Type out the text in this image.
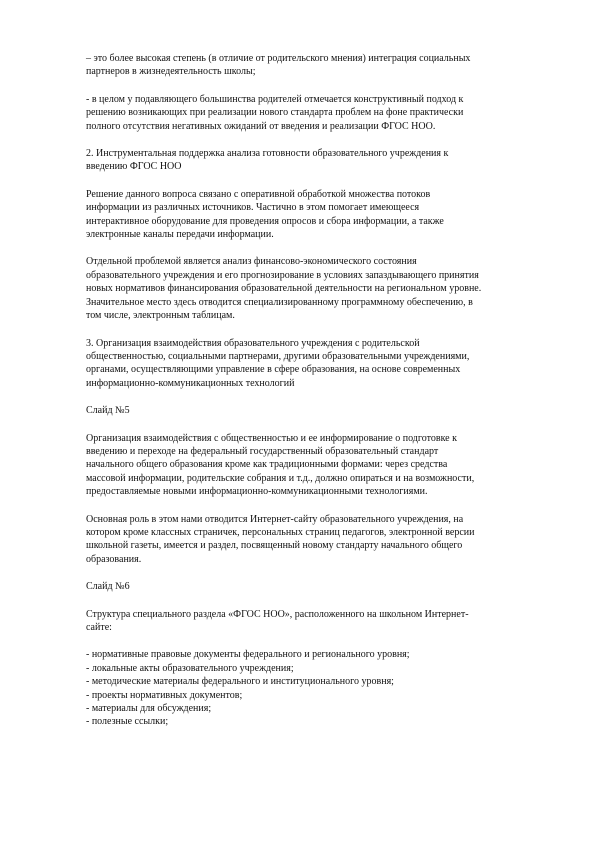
– это более высокая степень (в отличие от родительского мнения) интеграция социальных
партнеров в жизнедеятельность школы;

- в целом у подавляющего большинства родителей отмечается конструктивный подход к
решению возникающих при реализации нового стандарта проблем на фоне практически
полного отсутствия негативных ожиданий от введения и реализации ФГОС НОО.

2. Инструментальная поддержка анализа готовности образовательного учреждения к
введению ФГОС НОО

Решение данного вопроса связано с оперативной обработкой множества потоков
информации из различных источников. Частично в этом помогает имеющееся
интерактивное оборудование для проведения опросов и сбора информации, а также
электронные каналы передачи информации.

Отдельной проблемой является анализ финансово-экономического состояния
образовательного учреждения и его прогнозирование в условиях запаздывающего принятия
новых нормативов финансирования образовательной деятельности на региональном уровне.
Значительное место здесь отводится специализированному программному обеспечению, в
том числе, электронным таблицам.

3. Организация взаимодействия образовательного учреждения с родительской
общественностью, социальными партнерами, другими образовательными учреждениями,
органами, осуществляющими управление в сфере образования, на основе современных
информационно-коммуникационных технологий

Слайд №5

Организация взаимодействия с общественностью и ее информирование о подготовке к
введению и переходе на федеральный государственный образовательный стандарт
начального общего образования кроме как традиционными формами: через средства
массовой информации, родительские собрания и т.д., должно опираться и на возможности,
предоставляемые новыми информационно-коммуникационными технологиями.

Основная роль в этом нами отводится Интернет-сайту образовательного учреждения, на
котором кроме классных страничек, персональных страниц педагогов, электронной версии
школьной газеты, имеется и раздел, посвященный новому стандарту начального общего
образования.

Слайд №6

Структура специального раздела «ФГОС НОО», расположенного на школьном Интернет-
сайте:

- нормативные правовые документы федерального и регионального уровня;
- локальные акты образовательного учреждения;
- методические материалы федерального и институционального уровня;
- проекты нормативных документов;
- материалы для обсуждения;
- полезные ссылки;
